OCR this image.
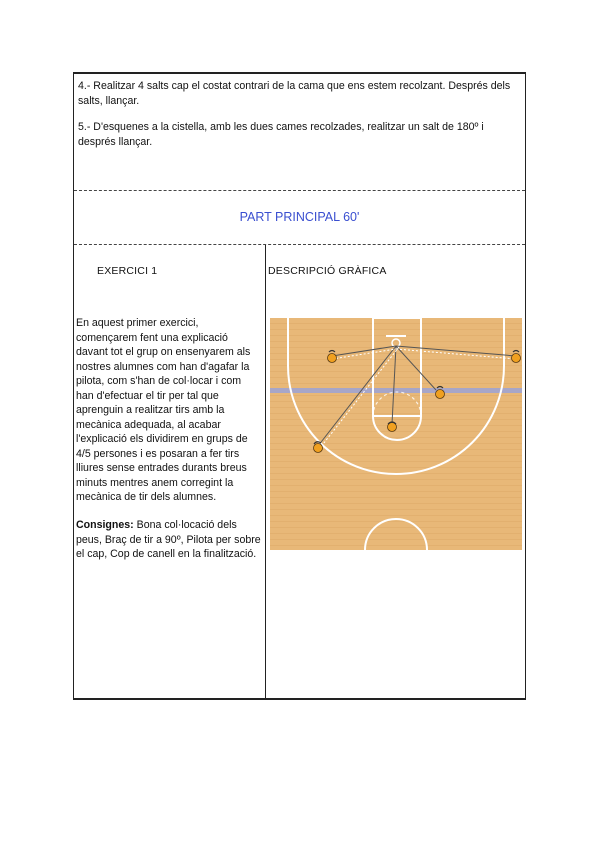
4.- Realitzar 4 salts cap el costat contrari de la cama que ens estem recolzant. Després dels salts, llançar.

5.- D'esquenes a la cistella, amb les dues cames recolzades, realitzar un salt de 180º i després llançar.

PART PRINCIPAL 60'
EXERCICI 1	DESCRIPCIÓ GRÀFICA

En aquest primer exercici, començarem fent una explicació davant tot el grup on ensenyarem als nostres alumnes com han d'agafar la pilota, com s'han de col·locar i com han d'efectuar el tir per tal que aprenguin a realitzar tirs amb la mecànica adequada, al acabar l'explicació els dividirem en grups de 4/5 persones i es posaran a fer tirs lliures sense entrades durants breus minuts mentres anem corregint la mecànica de tir dels alumnes.

Consignes: Bona col·locació dels peus, Braç de tir a 90º, Pilota per sobre el cap, Cop de canell en la finalització.
